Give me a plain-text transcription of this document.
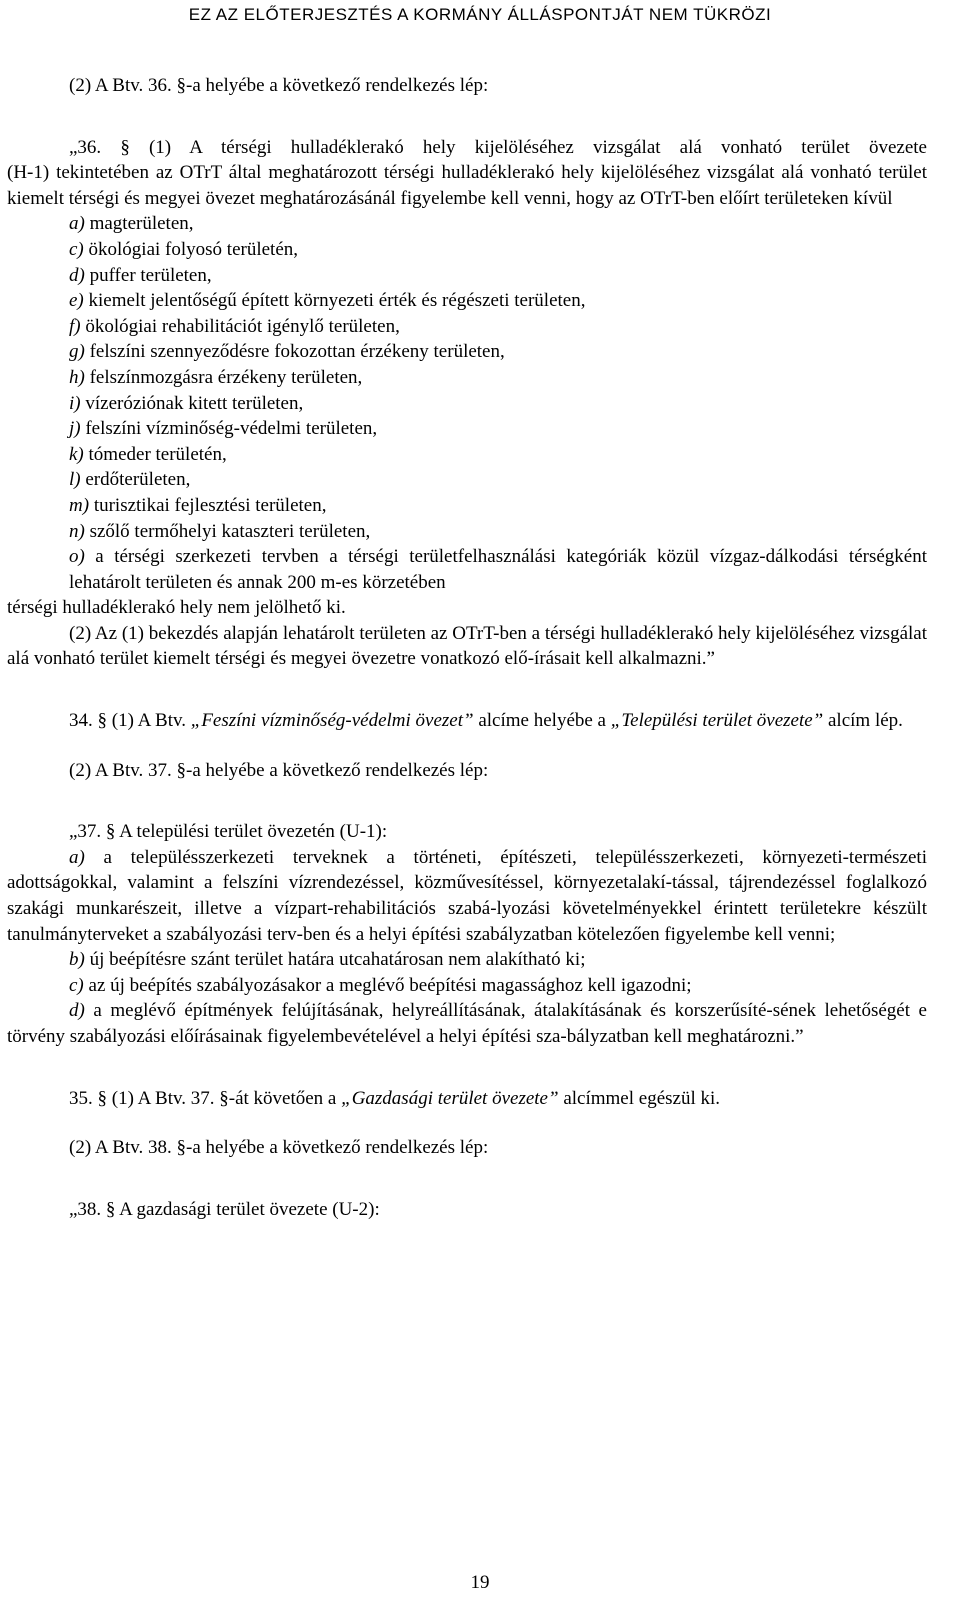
EZ AZ ELŐTERJESZTÉS A KORMÁNY ÁLLÁSPONTJÁT NEM TÜKRÖZI

(2) A Btv. 36. §-a helyébe a következő rendelkezés lép:

„36. § (1) A térségi hulladéklerakó hely kijelöléséhez vizsgálat alá vonható terület övezete

(H-1) tekintetében az OTrT által meghatározott térségi hulladéklerakó hely kijelöléséhez vizsgálat alá vonható terület kiemelt térségi és megyei övezet meghatározásánál figyelembe kell venni, hogy az OTrT-ben előírt területeken kívül

a) magterületen,

c) ökológiai folyosó területén,

d) puffer területen,

e) kiemelt jelentőségű épített környezeti érték és régészeti területen,

f) ökológiai rehabilitációt igénylő területen,

g) felszíni szennyeződésre fokozottan érzékeny területen,

h) felszínmozgásra érzékeny területen,

i) vízeróziónak kitett területen,

j) felszíni vízminőség-védelmi területen,

k) tómeder területén,

l) erdőterületen,

m) turisztikai fejlesztési területen,

n) szőlő termőhelyi kataszteri területen,

o) a térségi szerkezeti tervben a térségi területfelhasználási kategóriák közül vízgaz-dálkodási térségként lehatárolt területen és annak 200 m-es körzetében

térségi hulladéklerakó hely nem jelölhető ki.

(2) Az (1) bekezdés alapján lehatárolt területen az OTrT-ben a térségi hulladéklerakó hely kijelöléséhez vizsgálat alá vonható terület kiemelt térségi és megyei övezetre vonatkozó elő-írásait kell alkalmazni.”

34. § (1) A Btv. „Feszíni vízminőség-védelmi övezet” alcíme helyébe a „Települési terület övezete” alcím lép.

(2) A Btv. 37. §-a helyébe a következő rendelkezés lép:

„37. § A települési terület övezetén (U-1):

a) a településszerkezeti terveknek a történeti, építészeti, településszerkezeti, környezeti-természeti adottságokkal, valamint a felszíni vízrendezéssel, közművesítéssel, környezetalakí-tással, tájrendezéssel foglalkozó szakági munkarészeit, illetve a vízpart-rehabilitációs szabá-lyozási követelményekkel érintett területekre készült tanulmányterveket a szabályozási terv-ben és a helyi építési szabályzatban kötelezően figyelembe kell venni;

b) új beépítésre szánt terület határa utcahatárosan nem alakítható ki;

c) az új beépítés szabályozásakor a meglévő beépítési magassághoz kell igazodni;

d) a meglévő építmények felújításának, helyreállításának, átalakításának és korszerűsíté-sének lehetőségét e törvény szabályozási előírásainak figyelembevételével a helyi építési sza-bályzatban kell meghatározni.”

35. § (1) A Btv. 37. §-át követően a „Gazdasági terület övezete” alcímmel egészül ki.

(2) A Btv. 38. §-a helyébe a következő rendelkezés lép:

„38. § A gazdasági terület övezete (U-2):

19
